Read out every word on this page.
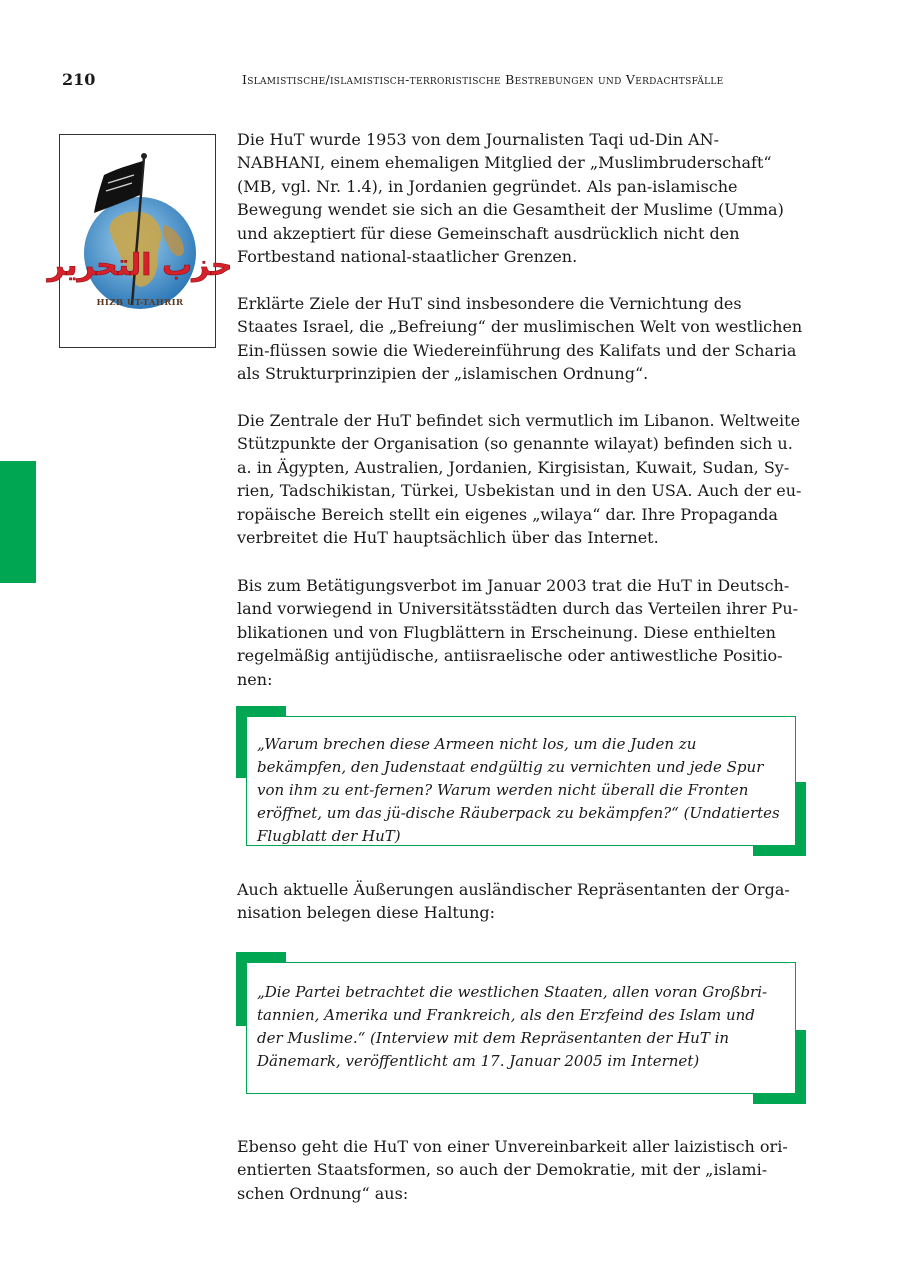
210	Islamistische/islamistisch-terroristische Bestrebungen und Verdachtsfälle
حزب التحرير
HIZB UT-TAHRIR

Die HuT wurde 1953 von dem Journalisten Taqi ud-Din AN-NABHANI, einem ehemaligen Mitglied der „Muslimbruderschaft“ (MB, vgl. Nr. 1.4), in Jordanien gegründet. Als pan-islamische Bewegung wendet sie sich an die Gesamtheit der Muslime (Umma) und akzeptiert für diese Gemeinschaft ausdrücklich nicht den Fortbestand national-staatlicher Grenzen.

Erklärte Ziele der HuT sind insbesondere die Vernichtung des Staates Israel, die „Befreiung“ der muslimischen Welt von westlichen Ein-flüssen sowie die Wiedereinführung des Kalifats und der Scharia als Strukturprinzipien der „islamischen Ordnung“.

Die Zentrale der HuT befindet sich vermutlich im Libanon. Weltweite Stützpunkte der Organisation (so genannte wilayat) befinden sich u. a. in Ägypten, Australien, Jordanien, Kirgisistan, Kuwait, Sudan, Sy-rien, Tadschikistan, Türkei, Usbekistan und in den USA. Auch der eu-ropäische Bereich stellt ein eigenes „wilaya“ dar. Ihre Propaganda verbreitet die HuT hauptsächlich über das Internet.

Bis zum Betätigungsverbot im Januar 2003 trat die HuT in Deutsch-land vorwiegend in Universitätsstädten durch das Verteilen ihrer Pu-blikationen und von Flugblättern in Erscheinung. Diese enthielten regelmäßig antijüdische, antiisraelische oder antiwestliche Positio-nen:

„Warum brechen diese Armeen nicht los, um die Juden zu bekämpfen, den Judenstaat endgültig zu vernichten und jede Spur von ihm zu ent-fernen? Warum werden nicht überall die Fronten eröffnet, um das jü-dische Räuberpack zu bekämpfen?“ (Undatiertes Flugblatt der HuT)

Auch aktuelle Äußerungen ausländischer Repräsentanten der Orga-nisation belegen diese Haltung:

„Die Partei betrachtet die westlichen Staaten, allen voran Großbri-tannien, Amerika und Frankreich, als den Erzfeind des Islam und der Muslime.“ (Interview mit dem Repräsentanten der HuT in Dänemark, veröffentlicht am 17. Januar 2005 im Internet)

Ebenso geht die HuT von einer Unvereinbarkeit aller laizistisch ori-entierten Staatsformen, so auch der Demokratie, mit der „islami-schen Ordnung“ aus:
